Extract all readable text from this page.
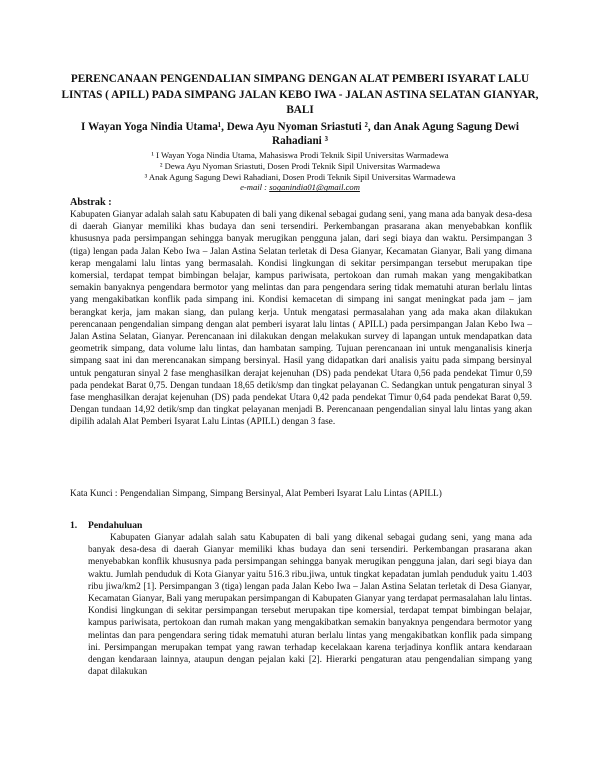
PERENCANAAN PENGENDALIAN SIMPANG DENGAN ALAT PEMBERI ISYARAT LALU LINTAS ( APILL) PADA SIMPANG JALAN KEBO IWA - JALAN ASTINA SELATAN GIANYAR, BALI
I Wayan Yoga Nindia Utama¹, Dewa Ayu Nyoman Sriastuti ², dan Anak Agung Sagung Dewi Rahadiani ³
¹ I Wayan Yoga Nindia Utama, Mahasiswa Prodi Teknik Sipil Universitas Warmadewa
² Dewa Ayu Nyoman Sriastuti, Dosen Prodi Teknik Sipil Universitas Warmadewa
³ Anak Agung Sagung Dewi Rahadiani, Dosen Prodi Teknik Sipil Universitas Warmadewa
e-mail : soganindia01@gmail.com
Abstrak :
Kabupaten Gianyar adalah salah satu Kabupaten di bali yang dikenal sebagai gudang seni, yang mana ada banyak desa-desa di daerah Gianyar memiliki khas budaya dan seni tersendiri. Perkembangan prasarana akan menyebabkan konflik khususnya pada persimpangan sehingga banyak merugikan pengguna jalan, dari segi biaya dan waktu. Persimpangan 3 (tiga) lengan pada Jalan Kebo Iwa – Jalan Astina Selatan terletak di Desa Gianyar, Kecamatan Gianyar, Bali yang dimana kerap mengalami lalu lintas yang bermasalah. Kondisi lingkungan di sekitar persimpangan tersebut merupakan tipe komersial, terdapat tempat bimbingan belajar, kampus pariwisata, pertokoan dan rumah makan yang mengakibatkan semakin banyaknya pengendara bermotor yang melintas dan para pengendara sering tidak mematuhi aturan berlalu lintas yang mengakibatkan konflik pada simpang ini. Kondisi kemacetan di simpang ini sangat meningkat pada jam – jam berangkat kerja, jam makan siang, dan pulang kerja. Untuk mengatasi permasalahan yang ada maka akan dilakukan perencanaan pengendalian simpang dengan alat pemberi isyarat lalu lintas ( APILL) pada persimpangan Jalan Kebo Iwa – Jalan Astina Selatan, Gianyar. Perencanaan ini dilakukan dengan melakukan survey di lapangan untuk mendapatkan data geometrik simpang, data volume lalu lintas, dan hambatan samping. Tujuan perencanaan ini untuk menganalisis kinerja simpang saat ini dan merencanakan simpang bersinyal. Hasil yang didapatkan dari analisis yaitu pada simpang bersinyal untuk pengaturan sinyal 2 fase menghasilkan derajat kejenuhan (DS) pada pendekat Utara 0,56 pada pendekat Timur 0,59 pada pendekat Barat 0,75. Dengan tundaan 18,65 detik/smp dan tingkat pelayanan C. Sedangkan untuk pengaturan sinyal 3 fase menghasilkan derajat kejenuhan (DS) pada pendekat Utara 0,42 pada pendekat Timur 0,64 pada pendekat Barat 0,59. Dengan tundaan 14,92 detik/smp dan tingkat pelayanan menjadi B. Perencanaan pengendalian sinyal lalu lintas yang akan dipilih adalah Alat Pemberi Isyarat Lalu Lintas (APILL) dengan 3 fase.
Kata Kunci : Pengendalian Simpang, Simpang Bersinyal, Alat Pemberi Isyarat Lalu Lintas (APILL)
1. Pendahuluan
Kabupaten Gianyar adalah salah satu Kabupaten di bali yang dikenal sebagai gudang seni, yang mana ada banyak desa-desa di daerah Gianyar memiliki khas budaya dan seni tersendiri. Perkembangan prasarana akan menyebabkan konflik khususnya pada persimpangan sehingga banyak merugikan pengguna jalan, dari segi biaya dan waktu. Jumlah penduduk di Kota Gianyar yaitu 516.3 ribu.jiwa, untuk tingkat kepadatan jumlah penduduk yaitu 1.403 ribu jiwa/km2 [1]. Persimpangan 3 (tiga) lengan pada Jalan Kebo Iwa – Jalan Astina Selatan terletak di Desa Gianyar, Kecamatan Gianyar, Bali yang merupakan persimpangan di Kabupaten Gianyar yang terdapat permasalahan lalu lintas. Kondisi lingkungan di sekitar persimpangan tersebut merupakan tipe komersial, terdapat tempat bimbingan belajar, kampus pariwisata, pertokoan dan rumah makan yang mengakibatkan semakin banyaknya pengendara bermotor yang melintas dan para pengendara sering tidak mematuhi aturan berlalu lintas yang mengakibatkan konflik pada simpang ini. Persimpangan merupakan tempat yang rawan terhadap kecelakaan karena terjadinya konflik antara kendaraan dengan kendaraan lainnya, ataupun dengan pejalan kaki [2]. Hierarki pengaturan atau pengendalian simpang yang dapat dilakukan
